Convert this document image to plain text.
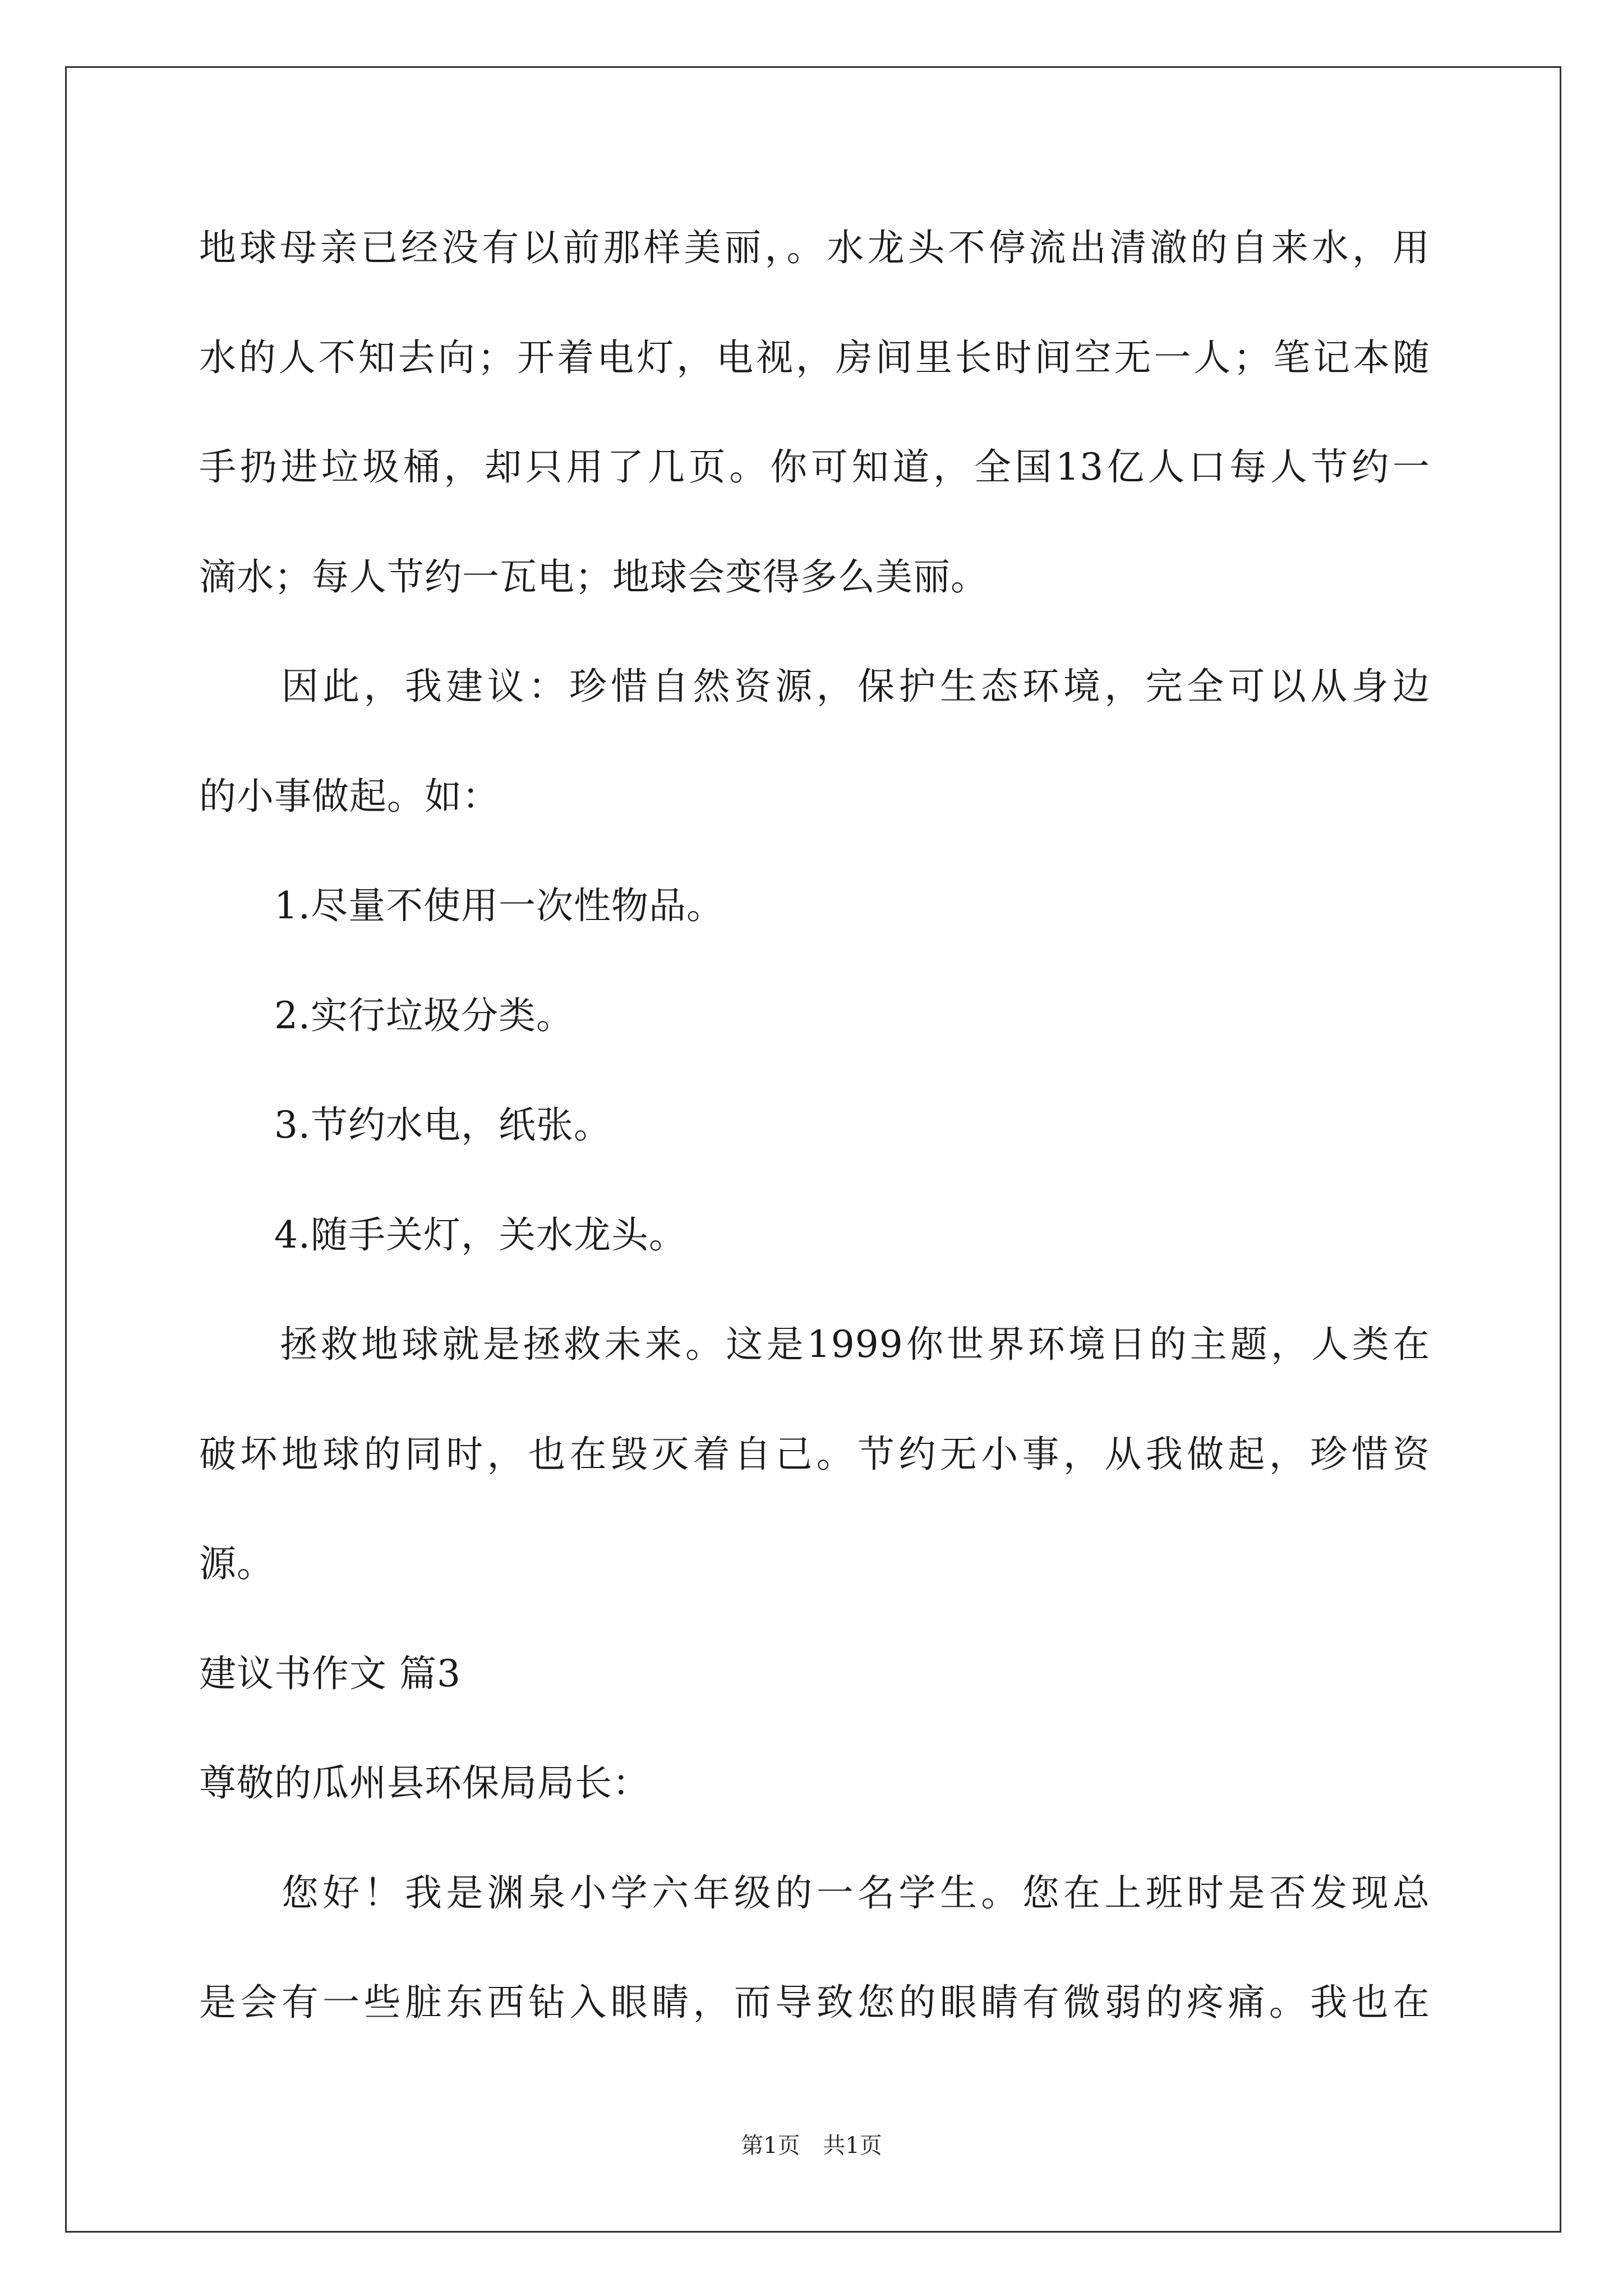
地球母亲已经没有以前那样美丽，。水龙头不停流出清澈的自来水，用
水的人不知去向；开着电灯，电视，房间里长时间空无一人；笔记本随
手扔进垃圾桶，却只用了几页。你可知道，全国13亿人口每人节约一
滴水；每人节约一瓦电；地球会变得多么美丽。
　　因此，我建议：珍惜自然资源，保护生态环境，完全可以从身边
的小事做起。如：
　　1.尽量不使用一次性物品。
　　2.实行垃圾分类。
　　3.节约水电，纸张。
　　4.随手关灯，关水龙头。
　　拯救地球就是拯救未来。这是1999你世界环境日的主题，人类在
破坏地球的同时，也在毁灭着自己。节约无小事，从我做起，珍惜资
源。
建议书作文 篇3
尊敬的瓜州县环保局局长：
　　您好！我是渊泉小学六年级的一名学生。您在上班时是否发现总
是会有一些脏东西钻入眼睛，而导致您的眼睛有微弱的疼痛。我也在
第1页 共1页
